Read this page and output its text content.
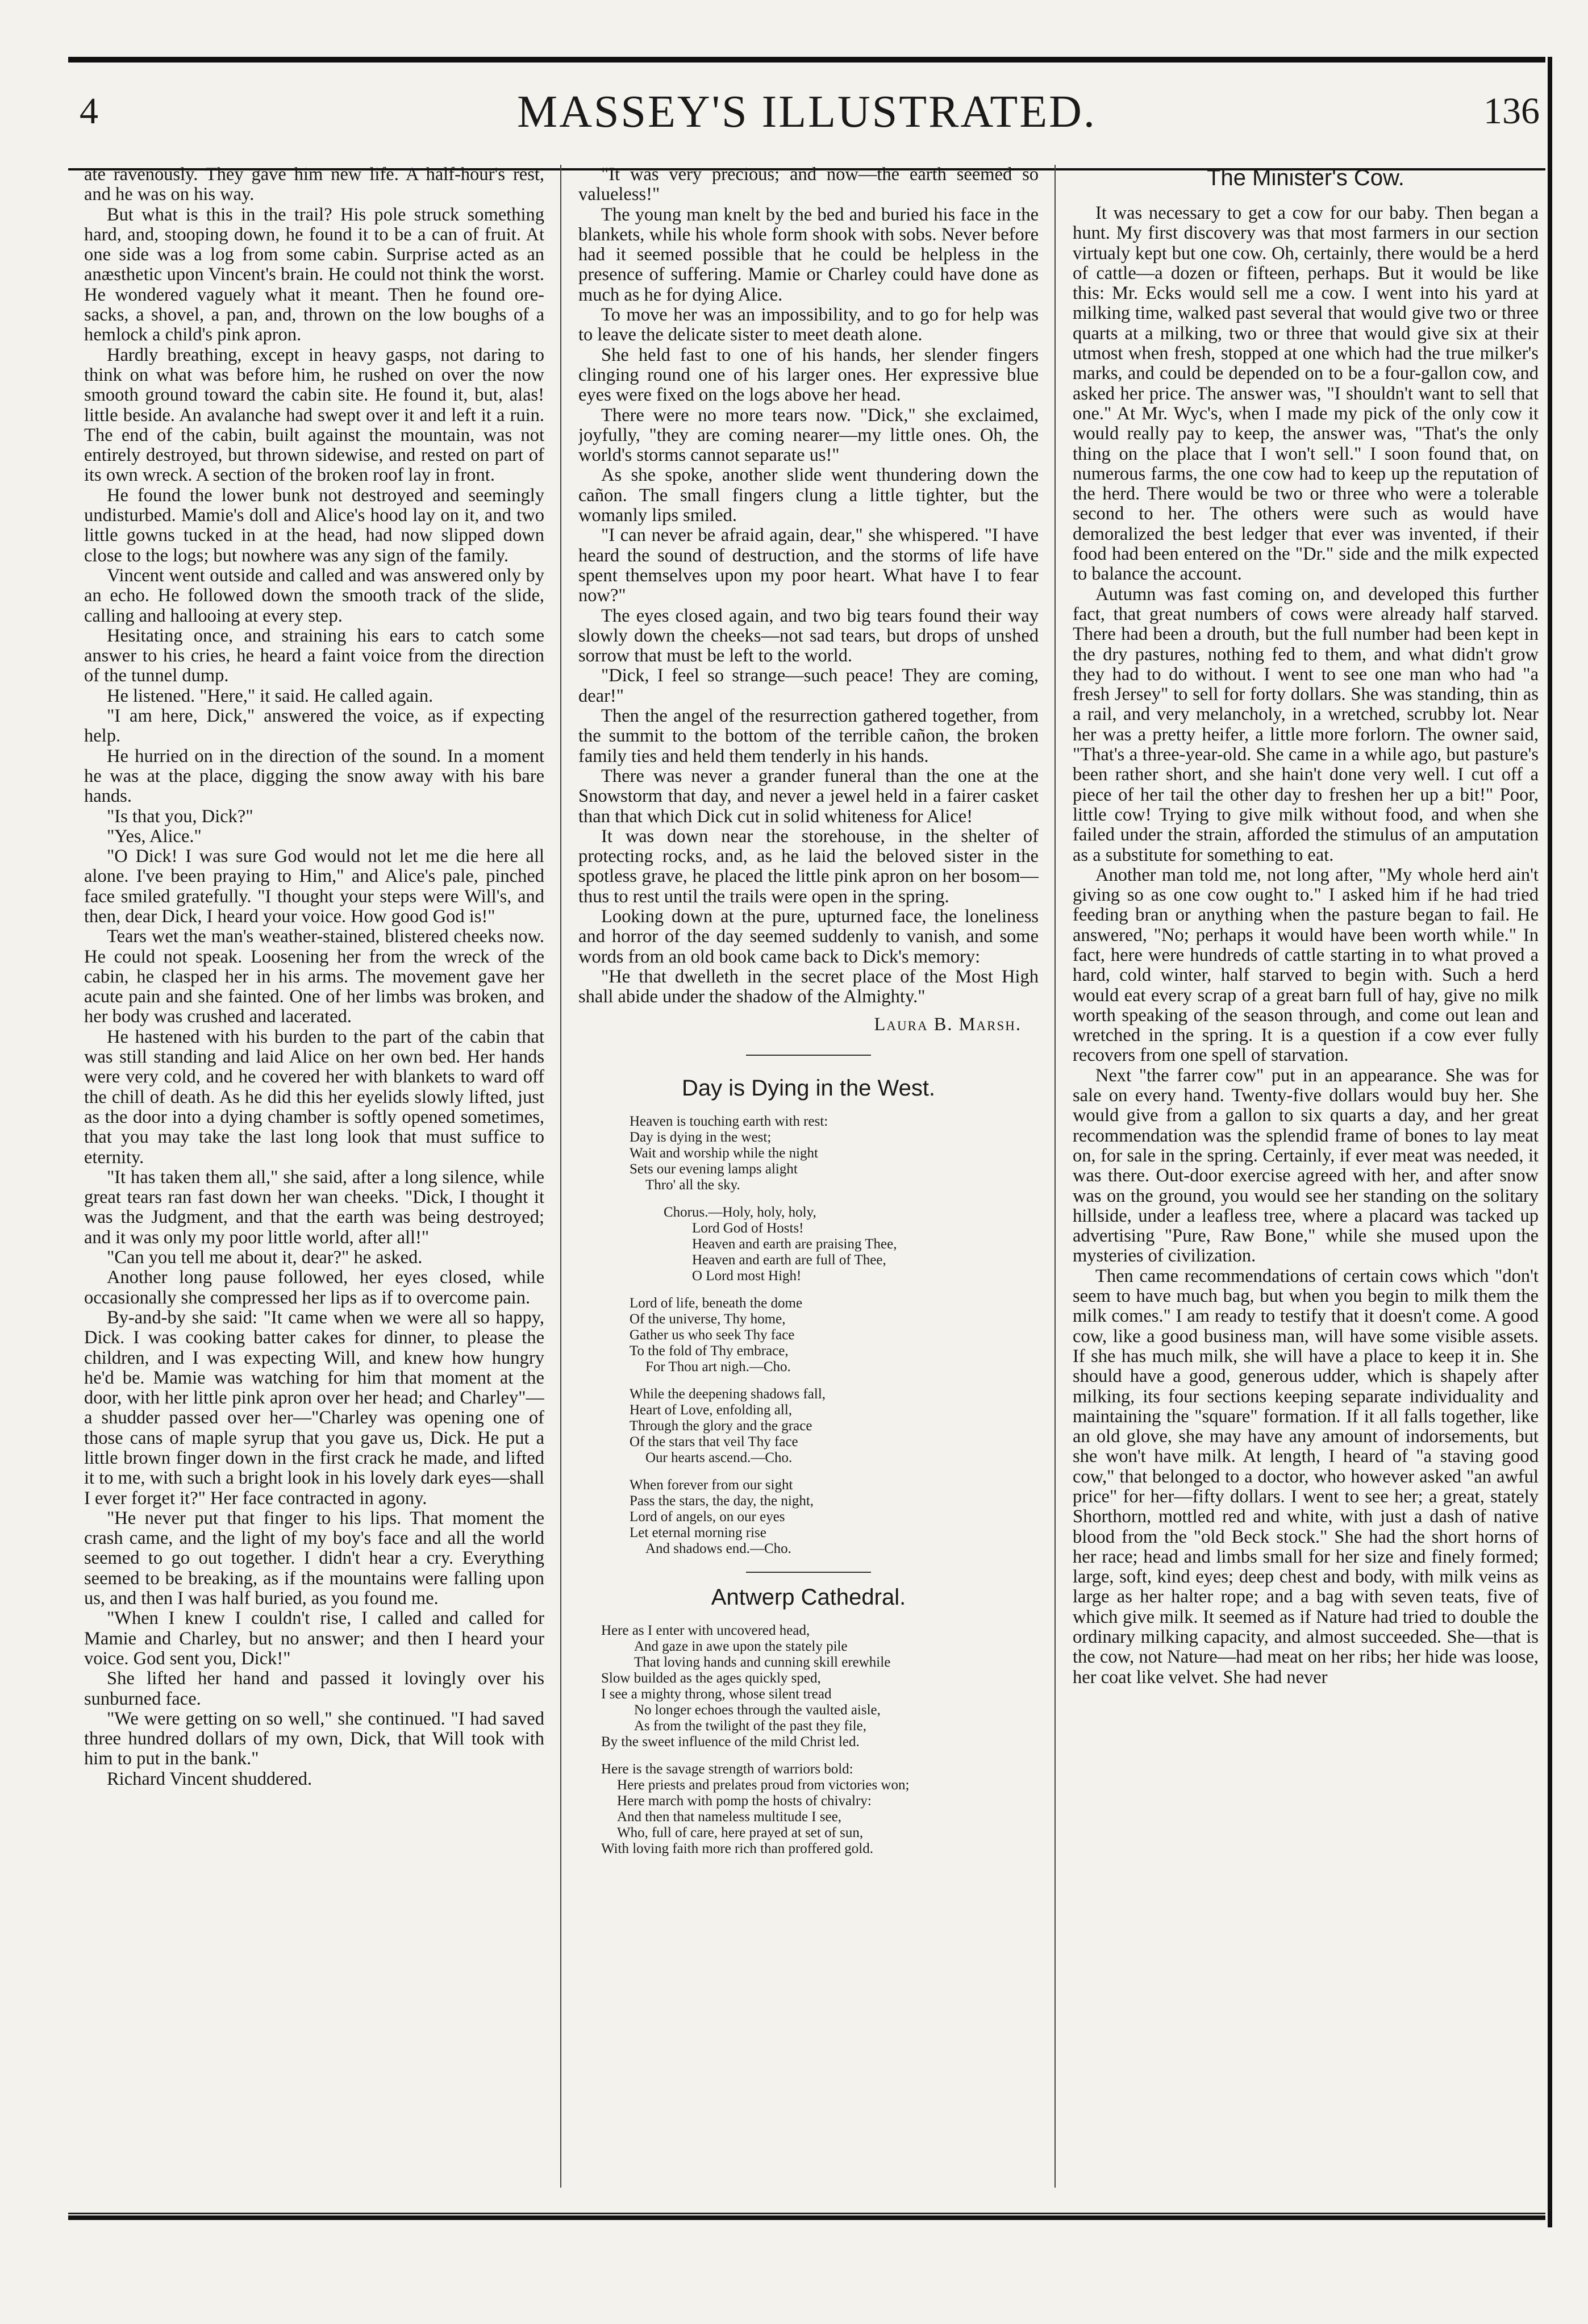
4	MASSEY'S ILLUSTRATED.	136

ate ravenously. They gave him new life. A half-hour's rest, and he was on his way.

But what is this in the trail? His pole struck something hard, and, stooping down, he found it to be a can of fruit. At one side was a log from some cabin. Surprise acted as an anæsthetic upon Vincent's brain. He could not think the worst. He wondered vaguely what it meant. Then he found ore-sacks, a shovel, a pan, and, thrown on the low boughs of a hemlock a child's pink apron.

Hardly breathing, except in heavy gasps, not daring to think on what was before him, he rushed on over the now smooth ground toward the cabin site. He found it, but, alas! little beside. An avalanche had swept over it and left it a ruin. The end of the cabin, built against the mountain, was not entirely destroyed, but thrown sidewise, and rested on part of its own wreck. A section of the broken roof lay in front.

He found the lower bunk not destroyed and seemingly undisturbed. Mamie's doll and Alice's hood lay on it, and two little gowns tucked in at the head, had now slipped down close to the logs; but nowhere was any sign of the family.

Vincent went outside and called and was answered only by an echo. He followed down the smooth track of the slide, calling and hallooing at every step.

Hesitating once, and straining his ears to catch some answer to his cries, he heard a faint voice from the direction of the tunnel dump.

He listened. "Here," it said. He called again.

"I am here, Dick," answered the voice, as if expecting help.

He hurried on in the direction of the sound. In a moment he was at the place, digging the snow away with his bare hands.

"Is that you, Dick?"

"Yes, Alice."

"O Dick! I was sure God would not let me die here all alone. I've been praying to Him," and Alice's pale, pinched face smiled gratefully. "I thought your steps were Will's, and then, dear Dick, I heard your voice. How good God is!"

Tears wet the man's weather-stained, blistered cheeks now. He could not speak. Loosening her from the wreck of the cabin, he clasped her in his arms. The movement gave her acute pain and she fainted. One of her limbs was broken, and her body was crushed and lacerated.

He hastened with his burden to the part of the cabin that was still standing and laid Alice on her own bed. Her hands were very cold, and he covered her with blankets to ward off the chill of death. As he did this her eyelids slowly lifted, just as the door into a dying chamber is softly opened sometimes, that you may take the last long look that must suffice to eternity.

"It has taken them all," she said, after a long silence, while great tears ran fast down her wan cheeks. "Dick, I thought it was the Judgment, and that the earth was being destroyed; and it was only my poor little world, after all!"

"Can you tell me about it, dear?" he asked.

Another long pause followed, her eyes closed, while occasionally she compressed her lips as if to overcome pain.

By-and-by she said: "It came when we were all so happy, Dick. I was cooking batter cakes for dinner, to please the children, and I was expecting Will, and knew how hungry he'd be. Mamie was watching for him that moment at the door, with her little pink apron over her head; and Charley"—a shudder passed over her—"Charley was opening one of those cans of maple syrup that you gave us, Dick. He put a little brown finger down in the first crack he made, and lifted it to me, with such a bright look in his lovely dark eyes—shall I ever forget it?" Her face contracted in agony.

"He never put that finger to his lips. That moment the crash came, and the light of my boy's face and all the world seemed to go out together. I didn't hear a cry. Everything seemed to be breaking, as if the mountains were falling upon us, and then I was half buried, as you found me.

"When I knew I couldn't rise, I called and called for Mamie and Charley, but no answer; and then I heard your voice. God sent you, Dick!"

She lifted her hand and passed it lovingly over his sunburned face.

"We were getting on so well," she continued. "I had saved three hundred dollars of my own, Dick, that Will took with him to put in the bank."

Richard Vincent shuddered.

"It was very precious; and now—the earth seemed so valueless!"

The young man knelt by the bed and buried his face in the blankets, while his whole form shook with sobs. Never before had it seemed possible that he could be helpless in the presence of suffering. Mamie or Charley could have done as much as he for dying Alice.

To move her was an impossibility, and to go for help was to leave the delicate sister to meet death alone.

She held fast to one of his hands, her slender fingers clinging round one of his larger ones. Her expressive blue eyes were fixed on the logs above her head.

There were no more tears now. "Dick," she exclaimed, joyfully, "they are coming nearer—my little ones. Oh, the world's storms cannot separate us!"

As she spoke, another slide went thundering down the cañon. The small fingers clung a little tighter, but the womanly lips smiled.

"I can never be afraid again, dear," she whispered. "I have heard the sound of destruction, and the storms of life have spent themselves upon my poor heart. What have I to fear now?"

The eyes closed again, and two big tears found their way slowly down the cheeks—not sad tears, but drops of unshed sorrow that must be left to the world.

"Dick, I feel so strange—such peace! They are coming, dear!"

Then the angel of the resurrection gathered together, from the summit to the bottom of the terrible cañon, the broken family ties and held them tenderly in his hands.

There was never a grander funeral than the one at the Snowstorm that day, and never a jewel held in a fairer casket than that which Dick cut in solid whiteness for Alice!

It was down near the storehouse, in the shelter of protecting rocks, and, as he laid the beloved sister in the spotless grave, he placed the little pink apron on her bosom—thus to rest until the trails were open in the spring.

Looking down at the pure, upturned face, the loneliness and horror of the day seemed suddenly to vanish, and some words from an old book came back to Dick's memory:

"He that dwelleth in the secret place of the Most High shall abide under the shadow of the Almighty."

Laura B. Marsh.

Day is Dying in the West.
Heaven is touching earth with rest:
Day is dying in the west;
Wait and worship while the night
Sets our evening lamps alight
Thro' all the sky.
Chorus.—Holy, holy, holy,
Lord God of Hosts!
Heaven and earth are praising Thee,
Heaven and earth are full of Thee,
O Lord most High!
Lord of life, beneath the dome
Of the universe, Thy home,
Gather us who seek Thy face
To the fold of Thy embrace,
For Thou art nigh.—Cho.
While the deepening shadows fall,
Heart of Love, enfolding all,
Through the glory and the grace
Of the stars that veil Thy face
Our hearts ascend.—Cho.
When forever from our sight
Pass the stars, the day, the night,
Lord of angels, on our eyes
Let eternal morning rise
And shadows end.—Cho.
Antwerp Cathedral.
Here as I enter with uncovered head,
And gaze in awe upon the stately pile
That loving hands and cunning skill erewhile
Slow builded as the ages quickly sped,
I see a mighty throng, whose silent tread
No longer echoes through the vaulted aisle,
As from the twilight of the past they file,
By the sweet influence of the mild Christ led.
Here is the savage strength of warriors bold:
Here priests and prelates proud from victories won;
Here march with pomp the hosts of chivalry:
And then that nameless multitude I see,
Who, full of care, here prayed at set of sun,
With loving faith more rich than proffered gold.
The Minister's Cow.

It was necessary to get a cow for our baby. Then began a hunt. My first discovery was that most farmers in our section virtualy kept but one cow. Oh, certainly, there would be a herd of cattle—a dozen or fifteen, perhaps. But it would be like this: Mr. Ecks would sell me a cow. I went into his yard at milking time, walked past several that would give two or three quarts at a milking, two or three that would give six at their utmost when fresh, stopped at one which had the true milker's marks, and could be depended on to be a four-gallon cow, and asked her price. The answer was, "I shouldn't want to sell that one." At Mr. Wyc's, when I made my pick of the only cow it would really pay to keep, the answer was, "That's the only thing on the place that I won't sell." I soon found that, on numerous farms, the one cow had to keep up the reputation of the herd. There would be two or three who were a tolerable second to her. The others were such as would have demoralized the best ledger that ever was invented, if their food had been entered on the "Dr." side and the milk expected to balance the account.

Autumn was fast coming on, and developed this further fact, that great numbers of cows were already half starved. There had been a drouth, but the full number had been kept in the dry pastures, nothing fed to them, and what didn't grow they had to do without. I went to see one man who had "a fresh Jersey" to sell for forty dollars. She was standing, thin as a rail, and very melancholy, in a wretched, scrubby lot. Near her was a pretty heifer, a little more forlorn. The owner said, "That's a three-year-old. She came in a while ago, but pasture's been rather short, and she hain't done very well. I cut off a piece of her tail the other day to freshen her up a bit!" Poor, little cow! Trying to give milk without food, and when she failed under the strain, afforded the stimulus of an amputation as a substitute for something to eat.

Another man told me, not long after, "My whole herd ain't giving so as one cow ought to." I asked him if he had tried feeding bran or anything when the pasture began to fail. He answered, "No; perhaps it would have been worth while." In fact, here were hundreds of cattle starting in to what proved a hard, cold winter, half starved to begin with. Such a herd would eat every scrap of a great barn full of hay, give no milk worth speaking of the season through, and come out lean and wretched in the spring. It is a question if a cow ever fully recovers from one spell of starvation.

Next "the farrer cow" put in an appearance. She was for sale on every hand. Twenty-five dollars would buy her. She would give from a gallon to six quarts a day, and her great recommendation was the splendid frame of bones to lay meat on, for sale in the spring. Certainly, if ever meat was needed, it was there. Out-door exercise agreed with her, and after snow was on the ground, you would see her standing on the solitary hillside, under a leafless tree, where a placard was tacked up advertising "Pure, Raw Bone," while she mused upon the mysteries of civilization.

Then came recommendations of certain cows which "don't seem to have much bag, but when you begin to milk them the milk comes." I am ready to testify that it doesn't come. A good cow, like a good business man, will have some visible assets. If she has much milk, she will have a place to keep it in. She should have a good, generous udder, which is shapely after milking, its four sections keeping separate individuality and maintaining the "square" formation. If it all falls together, like an old glove, she may have any amount of indorsements, but she won't have milk. At length, I heard of "a staving good cow," that belonged to a doctor, who however asked "an awful price" for her—fifty dollars. I went to see her; a great, stately Shorthorn, mottled red and white, with just a dash of native blood from the "old Beck stock." She had the short horns of her race; head and limbs small for her size and finely formed; large, soft, kind eyes; deep chest and body, with milk veins as large as her halter rope; and a bag with seven teats, five of which give milk. It seemed as if Nature had tried to double the ordinary milking capacity, and almost succeeded. She—that is the cow, not Nature—had meat on her ribs; her hide was loose, her coat like velvet. She had never
